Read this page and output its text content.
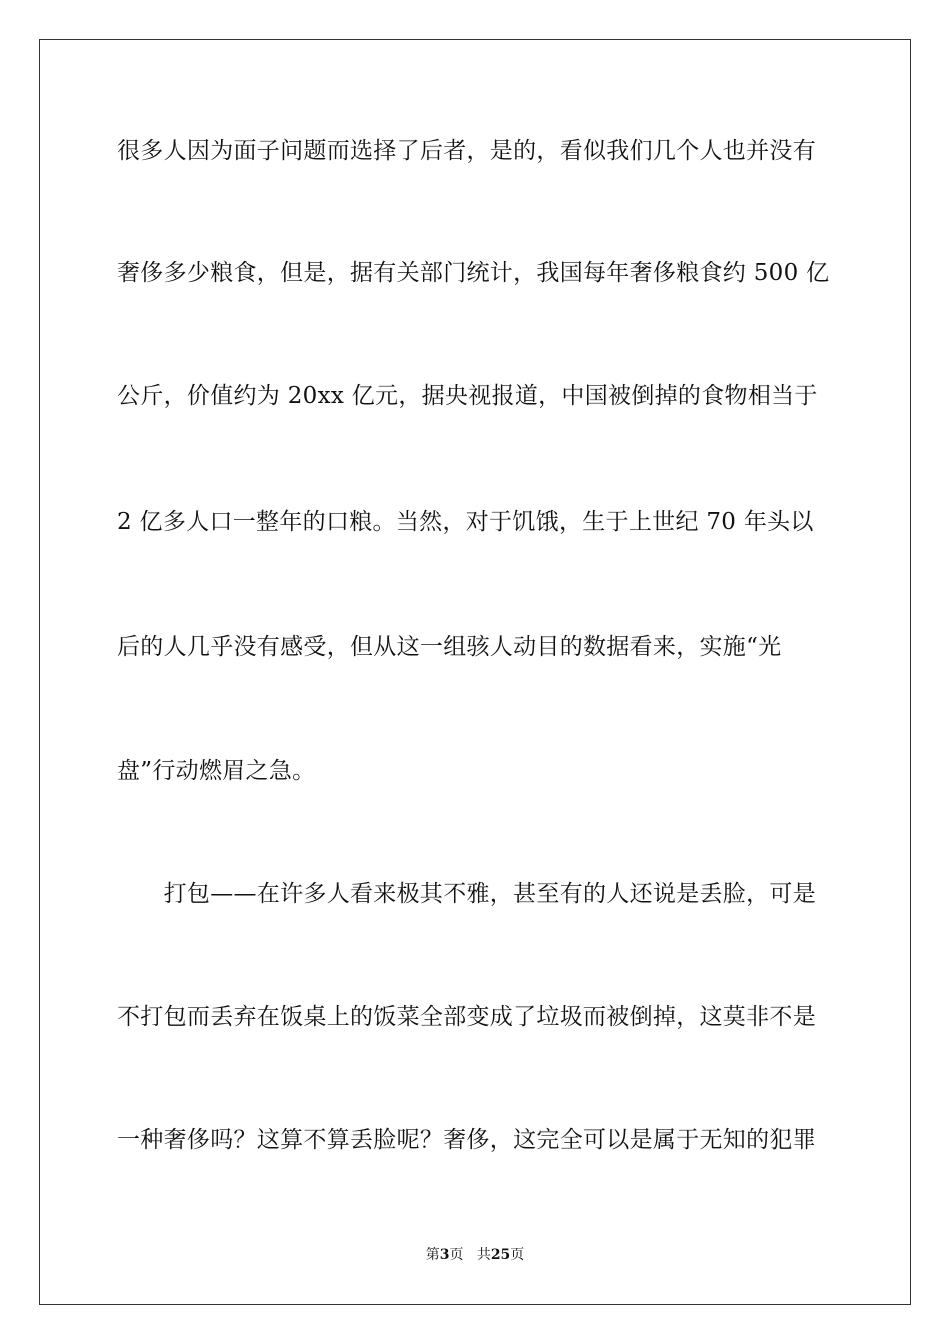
很多人因为面子问题而选择了后者，是的，看似我们几个人也并没有
奢侈多少粮食，但是，据有关部门统计，我国每年奢侈粮食约 500 亿
公斤，价值约为 20xx 亿元，据央视报道，中国被倒掉的食物相当于
2 亿多人口一整年的口粮。当然，对于饥饿，生于上世纪 70 年头以
后的人几乎没有感受，但从这一组骇人动目的数据看来，实施“光
盘”行动燃眉之急。
　　打包——在许多人看来极其不雅，甚至有的人还说是丢脸，可是
不打包而丢弃在饭桌上的饭菜全部变成了垃圾而被倒掉，这莫非不是
一种奢侈吗？这算不算丢脸呢？奢侈，这完全可以是属于无知的犯罪
第3页 共25页
